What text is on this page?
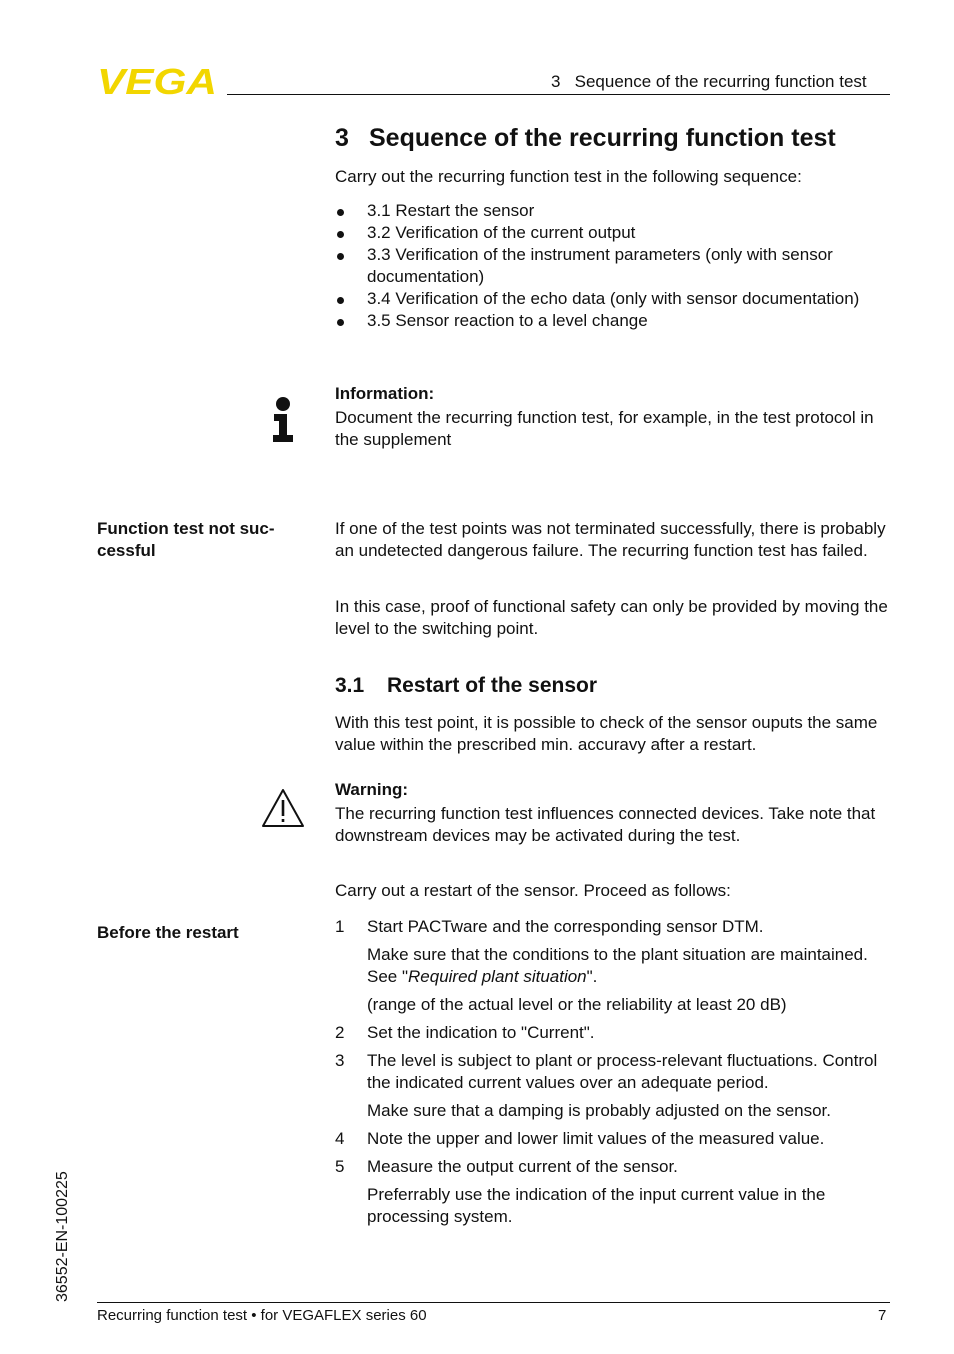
VEGA	3   Sequence of the recurring function test
3 Sequence of the recurring function test
Carry out the recurring function test in the following sequence:
3.1 Restart the sensor
3.2 Verification of the current output
3.3 Verification of the instrument parameters (only with sensor documentation)
3.4 Verification of the echo data (only with sensor documentation)
3.5 Sensor reaction to a level change
Information:
Document the recurring function test, for example, in the test protocol in the supplement
Function test not suc-cessful
If one of the test points was not terminated successfully, there is probably an undetected dangerous failure. The recurring function test has failed.
In this case, proof of functional safety can only be provided by moving the level to the switching point.
3.1 Restart of the sensor
With this test point, it is possible to check of the sensor ouputs the same value within the prescribed min. accuravy after a restart.
Warning:
The recurring function test influences connected devices. Take note that downstream devices may be activated during the test.
Carry out a restart of the sensor. Proceed as follows:
Before the restart	1 Start PACTware and the corresponding sensor DTM.
Make sure that the conditions to the plant situation are maintained. See "Required plant situation".
(range of the actual level or the reliability at least 20 dB)
2 Set the indication to "Current".
3 The level is subject to plant or process-relevant fluctuations. Control the indicated current values over an adequate period.
Make sure that a damping is probably adjusted on the sensor.
4 Note the upper and lower limit values of the measured value.
5 Measure the output current of the sensor.
Preferrably use the indication of the input current value in the processing system.
36552-EN-100225
Recurring function test • for VEGAFLEX series 60	7
